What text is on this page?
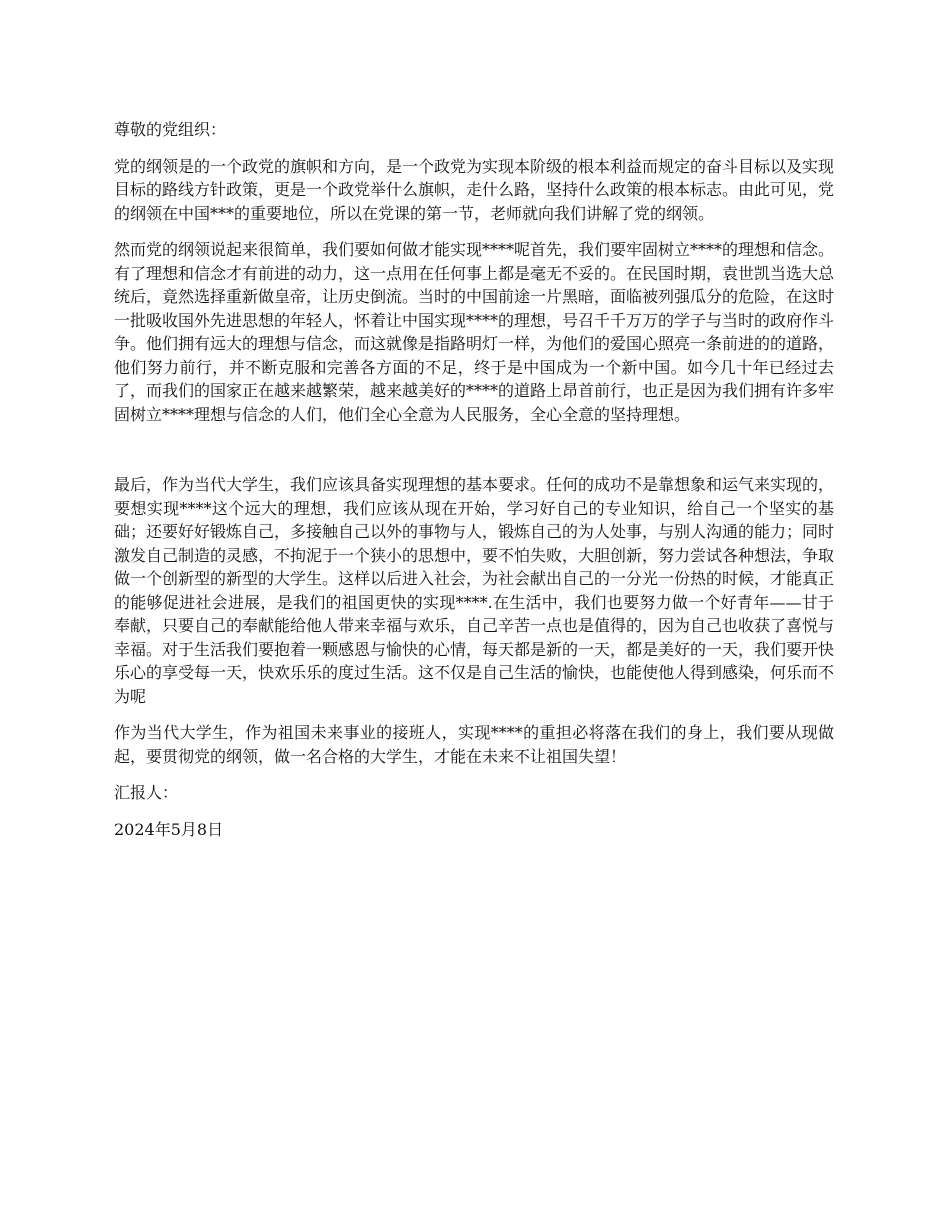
尊敬的党组织：

党的纲领是的一个政党的旗帜和方向，是一个政党为实现本阶级的根本利益而规定的奋斗目标以及实现目标的路线方针政策，更是一个政党举什么旗帜，走什么路，坚持什么政策的根本标志。由此可见，党的纲领在中国***的重要地位，所以在党课的第一节，老师就向我们讲解了党的纲领。

然而党的纲领说起来很简单，我们要如何做才能实现****呢首先，我们要牢固树立****的理想和信念。有了理想和信念才有前进的动力，这一点用在任何事上都是毫无不妥的。在民国时期，袁世凯当选大总统后，竟然选择重新做皇帝，让历史倒流。当时的中国前途一片黑暗，面临被列强瓜分的危险，在这时一批吸收国外先进思想的年轻人，怀着让中国实现****的理想，号召千千万万的学子与当时的政府作斗争。他们拥有远大的理想与信念，而这就像是指路明灯一样，为他们的爱国心照亮一条前进的的道路，他们努力前行，并不断克服和完善各方面的不足，终于是中国成为一个新中国。如今几十年已经过去了，而我们的国家正在越来越繁荣，越来越美好的****的道路上昂首前行，也正是因为我们拥有许多牢固树立****理想与信念的人们，他们全心全意为人民服务，全心全意的坚持理想。

最后，作为当代大学生，我们应该具备实现理想的基本要求。任何的成功不是靠想象和运气来实现的，要想实现****这个远大的理想，我们应该从现在开始，学习好自己的专业知识，给自己一个坚实的基础；还要好好锻炼自己，多接触自己以外的事物与人，锻炼自己的为人处事，与别人沟通的能力；同时激发自己制造的灵感，不拘泥于一个狭小的思想中，要不怕失败，大胆创新，努力尝试各种想法，争取做一个创新型的新型的大学生。这样以后进入社会，为社会献出自己的一分光一份热的时候，才能真正的能够促进社会进展，是我们的祖国更快的实现****.在生活中，我们也要努力做一个好青年——甘于奉献，只要自己的奉献能给他人带来幸福与欢乐，自己辛苦一点也是值得的，因为自己也收获了喜悦与幸福。对于生活我们要抱着一颗感恩与愉快的心情，每天都是新的一天，都是美好的一天，我们要开快乐心的享受每一天，快欢乐乐的度过生活。这不仅是自己生活的愉快，也能使他人得到感染，何乐而不为呢

作为当代大学生，作为祖国未来事业的接班人，实现****的重担必将落在我们的身上，我们要从现做起，要贯彻党的纲领，做一名合格的大学生，才能在未来不让祖国失望！

汇报人：

2024年5月8日
